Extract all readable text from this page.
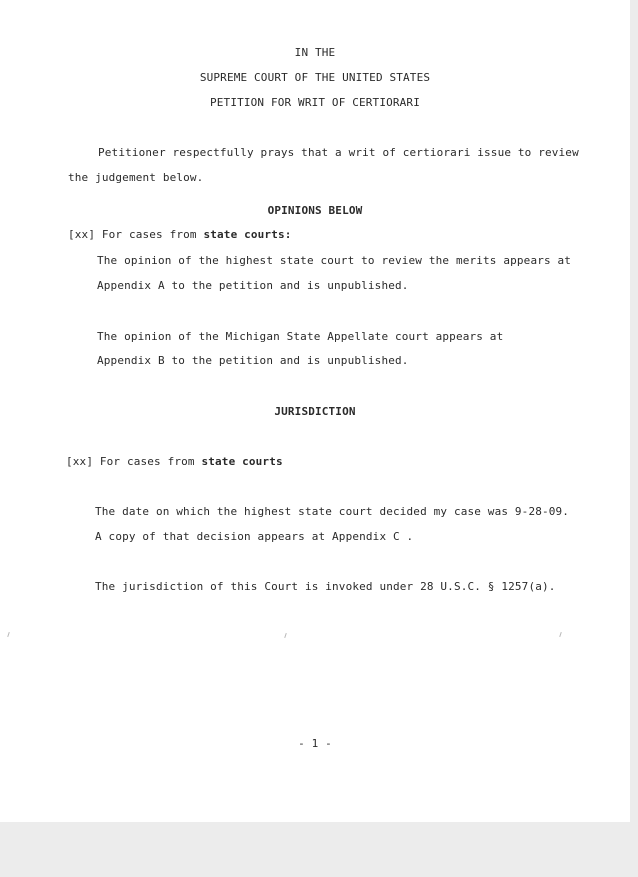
IN THE
SUPREME COURT OF THE UNITED STATES
PETITION FOR WRIT OF CERTIORARI
Petitioner respectfully prays that a writ of certiorari issue to review
the judgement below.
OPINIONS BELOW
[xx] For cases from state courts:
The opinion of the highest state court to review the merits appears at
Appendix A to the petition and is unpublished.
The opinion of the Michigan State Appellate court appears at
Appendix B to the petition and is unpublished.
JURISDICTION
[xx] For cases from state courts
The date on which the highest state court decided my case was 9-28-09.
A copy of that decision appears at Appendix C .
The jurisdiction of this Court is invoked under 28 U.S.C. § 1257(a).
- 1 -
